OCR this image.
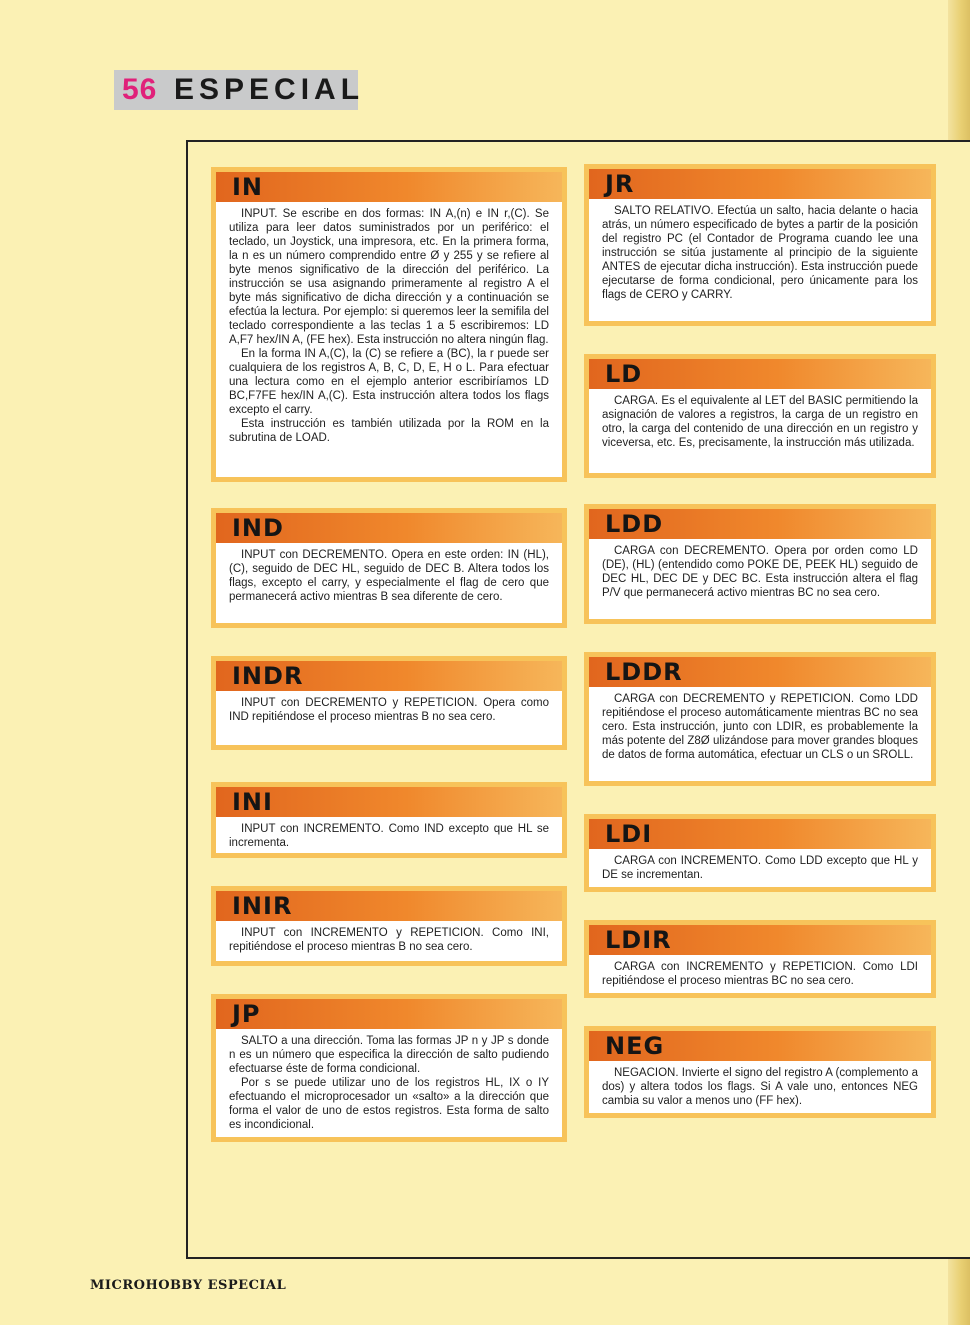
56 ESPECIAL
IN

INPUT. Se escribe en dos formas: IN A,(n) e IN r,(C). Se utiliza para leer datos suministrados por un periférico: el teclado, un Joystick, una impresora, etc. En la primera forma, la n es un número comprendido entre Ø y 255 y se refiere al byte menos significativo de la dirección del periférico. La instrucción se usa asignando primeramente al registro A el byte más significativo de dicha dirección y a continuación se efectúa la lectura. Por ejemplo: si queremos leer la semifila del teclado correspondiente a las teclas 1 a 5 escribiremos: LD A,F7 hex/IN A, (FE hex). Esta instrucción no altera ningún flag.

En la forma IN A,(C), la (C) se refiere a (BC), la r puede ser cualquiera de los registros A, B, C, D, E, H o L. Para efectuar una lectura como en el ejemplo anterior escribiríamos LD BC,F7FE hex/IN A,(C). Esta instrucción altera todos los flags excepto el carry.

Esta instrucción es también utilizada por la ROM en la subrutina de LOAD.

IND

INPUT con DECREMENTO. Opera en este orden: IN (HL), (C), seguido de DEC HL, seguido de DEC B. Altera todos los flags, excepto el carry, y especialmente el flag de cero que permanecerá activo mientras B sea diferente de cero.

INDR

INPUT con DECREMENTO y REPETICION. Opera como IND repitiéndose el proceso mientras B no sea cero.

INI

INPUT con INCREMENTO. Como IND excepto que HL se incrementa.

INIR

INPUT con INCREMENTO y REPETICION. Como INI, repitiéndose el proceso mientras B no sea cero.

JP

SALTO a una dirección. Toma las formas JP n y JP s donde n es un número que especifica la dirección de salto pudiendo efectuarse éste de forma condicional.

Por s se puede utilizar uno de los registros HL, IX o IY efectuando el microprocesador un «salto» a la dirección que forma el valor de uno de estos registros. Esta forma de salto es incondicional.

JR

SALTO RELATIVO. Efectúa un salto, hacia delante o hacia atrás, un número especificado de bytes a partir de la posición del registro PC (el Contador de Programa cuando lee una instrucción se sitúa justamente al principio de la siguiente ANTES de ejecutar dicha instrucción). Esta instrucción puede ejecutarse de forma condicional, pero únicamente para los flags de CERO y CARRY.

LD

CARGA. Es el equivalente al LET del BASIC permitiendo la asignación de valores a registros, la carga de un registro en otro, la carga del contenido de una dirección en un registro y viceversa, etc. Es, precisamente, la instrucción más utilizada.

LDD

CARGA con DECREMENTO. Opera por orden como LD (DE), (HL) (entendido como POKE DE, PEEK HL) seguido de DEC HL, DEC DE y DEC BC. Esta instrucción altera el flag P/V que permanecerá activo mientras BC no sea cero.

LDDR

CARGA con DECREMENTO y REPETICION. Como LDD repitiéndose el proceso automáticamente mientras BC no sea cero. Esta instrucción, junto con LDIR, es probablemente la más potente del Z8Ø ulizándose para mover grandes bloques de datos de forma automática, efectuar un CLS o un SROLL.

LDI

CARGA con INCREMENTO. Como LDD excepto que HL y DE se incrementan.

LDIR

CARGA con INCREMENTO y REPETICION. Como LDI repitiéndose el proceso mientras BC no sea cero.

NEG

NEGACION. Invierte el signo del registro A (complemento a dos) y altera todos los flags. Si A vale uno, entonces NEG cambia su valor a menos uno (FF hex).

MICROHOBBY ESPECIAL
